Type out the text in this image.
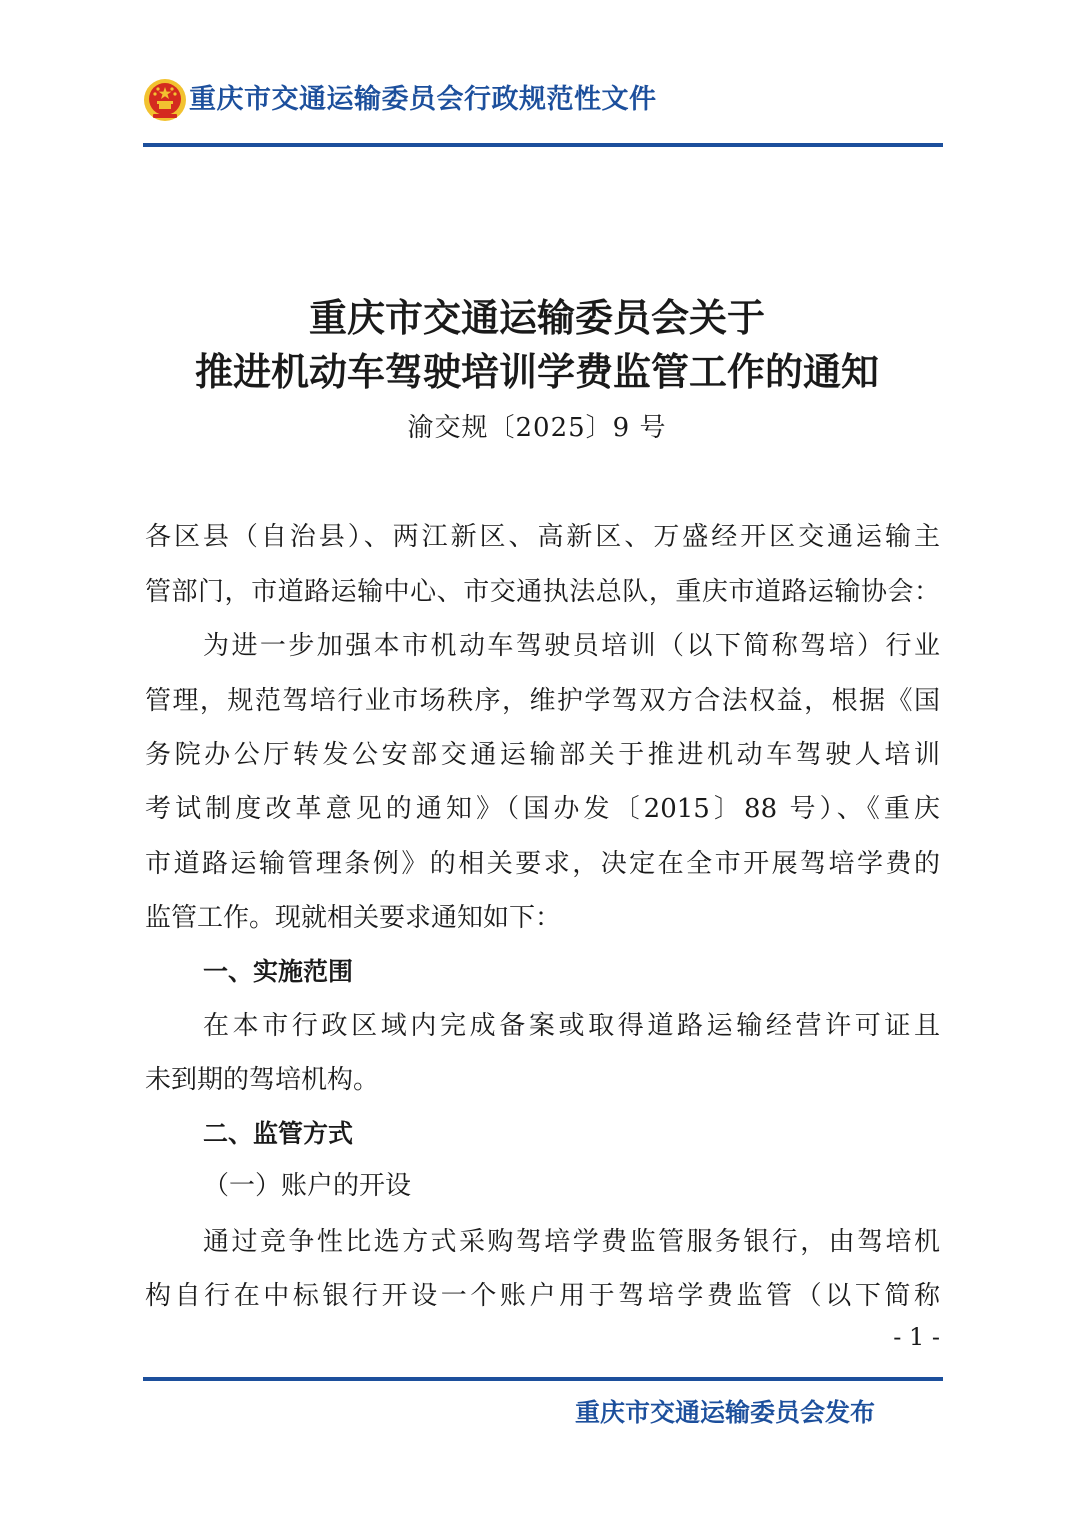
重庆市交通运输委员会行政规范性文件
重庆市交通运输委员会关于
推进机动车驾驶培训学费监管工作的通知
渝交规〔2025〕9 号
各区县（自治县）、两江新区、高新区、万盛经开区交通运输主
管部门，市道路运输中心、市交通执法总队，重庆市道路运输协会：
为进一步加强本市机动车驾驶员培训（以下简称驾培）行业
管理，规范驾培行业市场秩序，维护学驾双方合法权益，根据《国
务院办公厅转发公安部交通运输部关于推进机动车驾驶人培训
考试制度改革意见的通知》（国办发〔2015〕88 号）、《重庆
市道路运输管理条例》的相关要求，决定在全市开展驾培学费的
监管工作。现就相关要求通知如下：
一、实施范围
在本市行政区域内完成备案或取得道路运输经营许可证且
未到期的驾培机构。
二、监管方式
（一）账户的开设
通过竞争性比选方式采购驾培学费监管服务银行，由驾培机
构自行在中标银行开设一个账户用于驾培学费监管（以下简称
- 1 -
重庆市交通运输委员会发布
